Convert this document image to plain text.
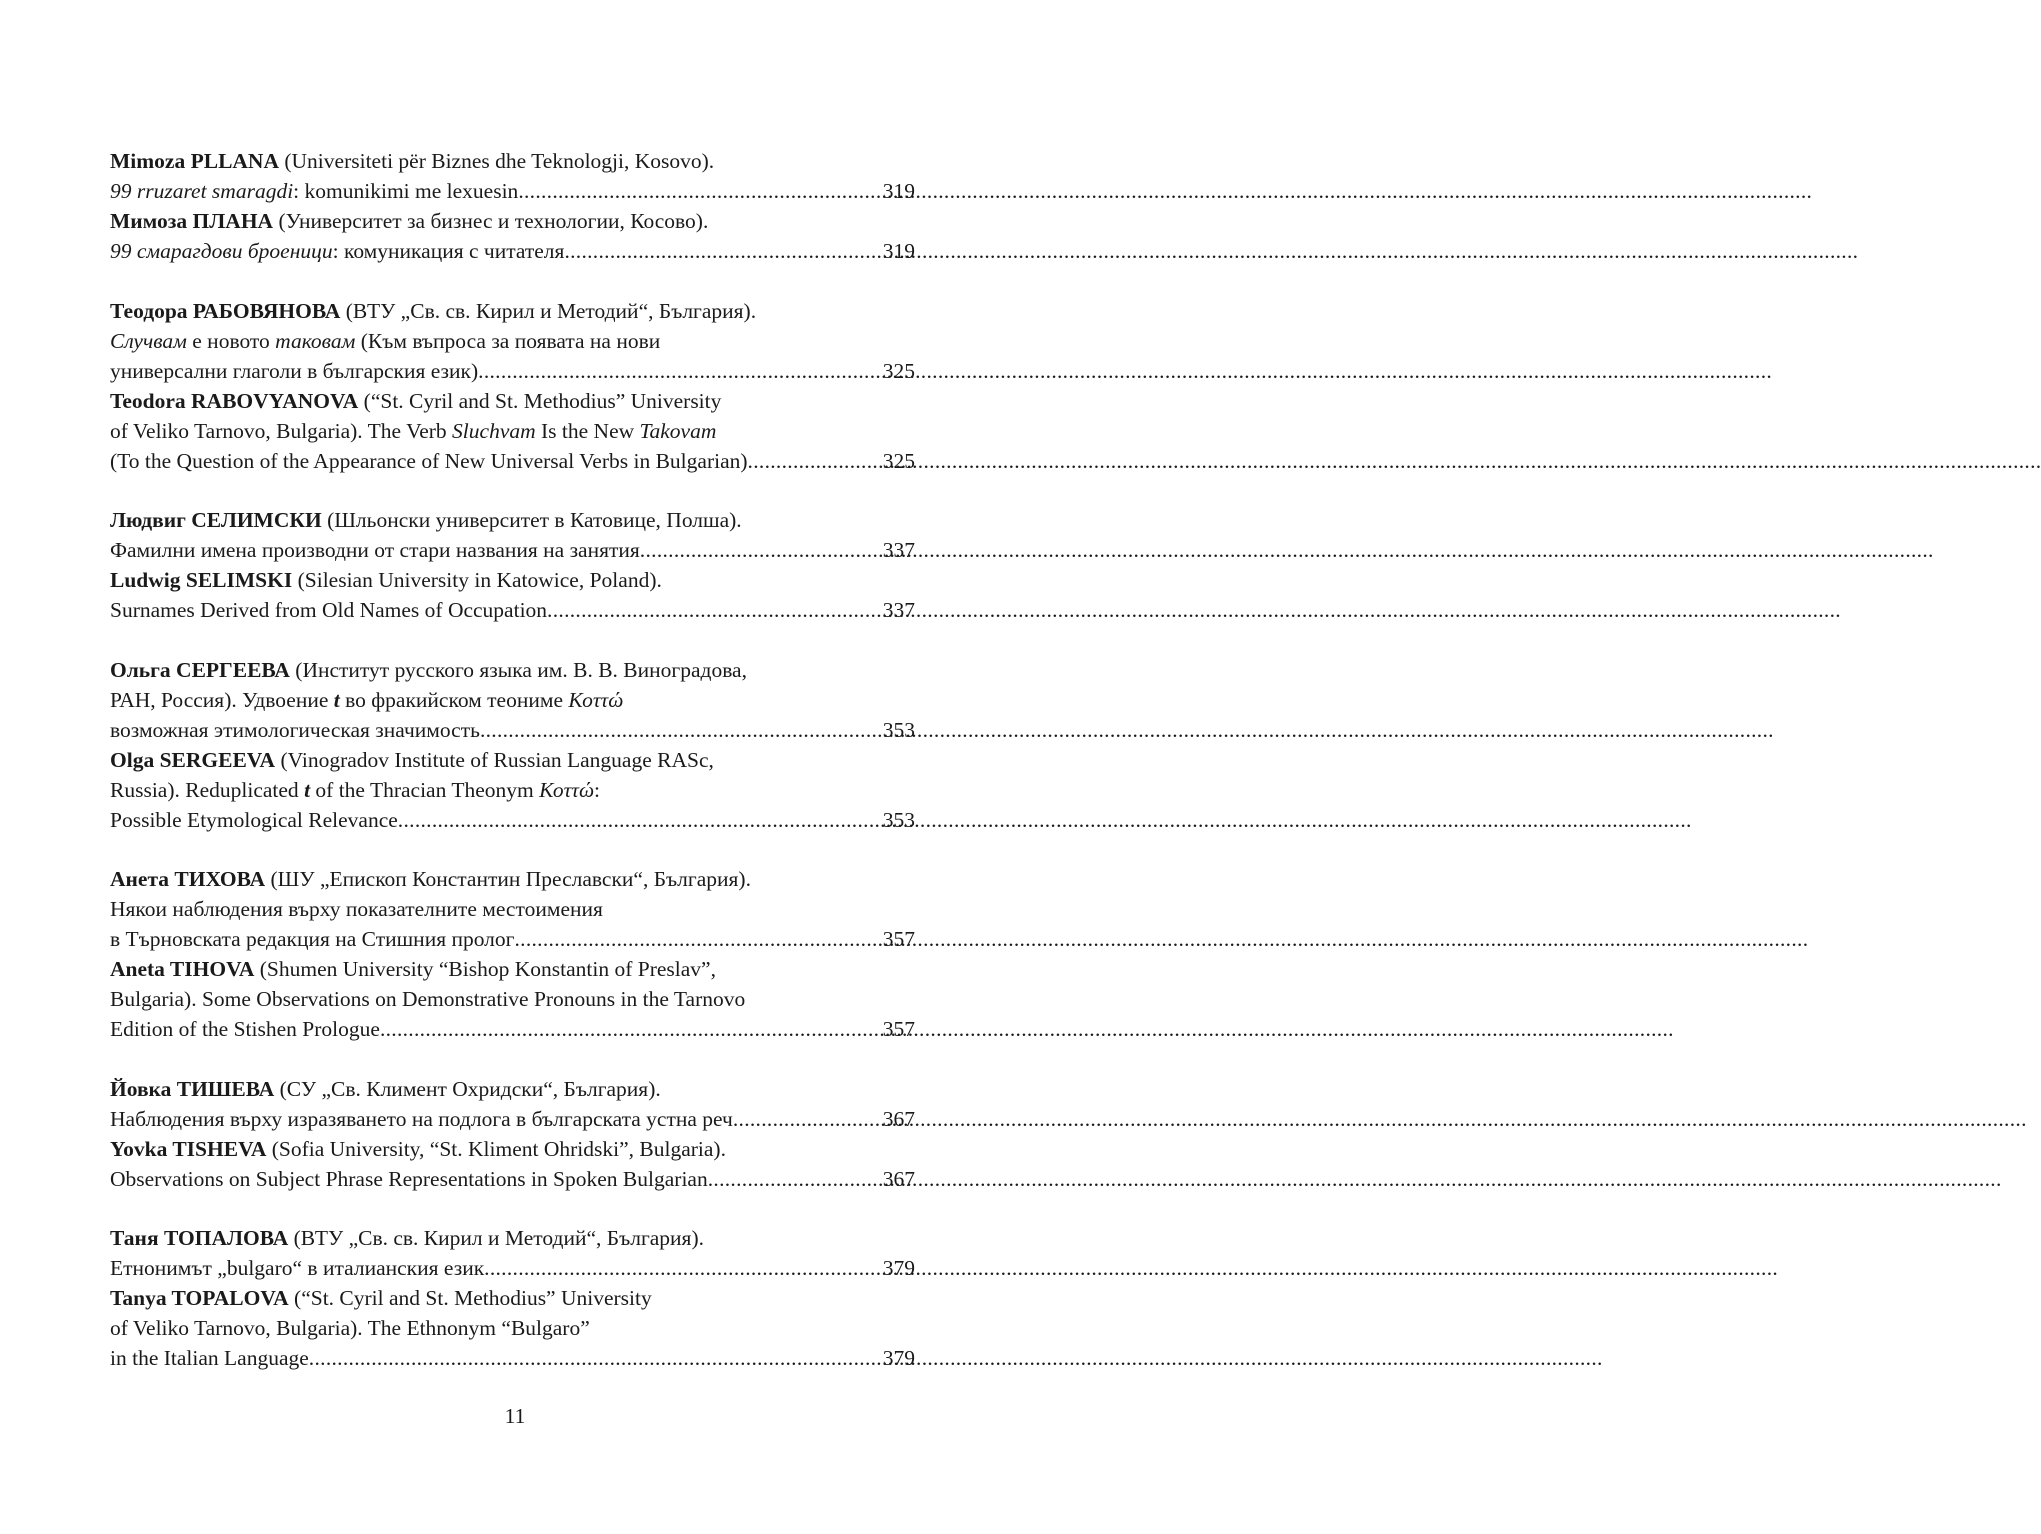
Mimoza PLLANA (Universiteti për Biznes dhe Teknologji, Kosovo).
99 rruzaret smaragdi: komunikimi me lexuesin .....	319
Мимоза ПЛАНА (Университет за бизнес и технологии, Косово).
99 смарагдови броеници: комуникация с читателя .....	319
Теодора РАБОВЯНОВА (ВТУ „Св. св. Кирил и Методий“, България).
Случвам е новото таковам (Към въпроса за появата на нови
универсални глаголи в българския език) .....	325
Teodora RABOVYANOVA (“St. Cyril and St. Methodius” University
of Veliko Tarnovo, Bulgaria). The Verb Sluchvam Is the New Takovam
(To the Question of the Appearance of New Universal Verbs in Bulgarian) .....	325
Людвиг СЕЛИМСКИ (Шльонски университет в Катовице, Полша).
Фамилни имена производни от стари названия на занятия .....	337
Ludwig SELIMSKI (Silesian University in Katowice, Poland).
Surnames Derived from Old Names of Occupation .....	337
Ольга СЕРГЕЕВА (Институт русского языка им. В. В. Виноградова,
РАН, Россия). Удвоение t во фракийском теониме Κοττώ
возможная этимологическая значимость .....	353
Olga SERGEEVA (Vinogradov Institute of Russian Language RASc,
Russia). Reduplicated t of the Thracian Theonym Κοττώ:
Possible Etymological Relevance .....	353
Анета ТИХОВА (ШУ „Епископ Константин Преславски“, България).
Някои наблюдения върху показателните местоимения
в Търновската редакция на Стишния пролог .....	357
Aneta TIHOVA (Shumen University “Bishop Konstantin of Preslav”,
Bulgaria). Some Observations on Demonstrative Pronouns in the Tarnovo
Edition of the Stishen Prologue .....	357
Йовка ТИШЕВА (СУ „Св. Климент Охридски“, България).
Наблюдения върху изразяването на подлога в българската устна реч .....	367
Yovka TISHEVA (Sofia University, “St. Kliment Ohridski”, Bulgaria).
Observations on Subject Phrase Representations in Spoken Bulgarian .....	367
Таня ТОПАЛОВА (ВТУ „Св. св. Кирил и Методий“, България).
Етнонимът „bulgaro“ в италианския език .....	379
Tanya TOPALOVA (“St. Cyril and St. Methodius” University
of Veliko Tarnovo, Bulgaria). The Ethnonym “Bulgaro”
in the Italian Language .....	379
11
